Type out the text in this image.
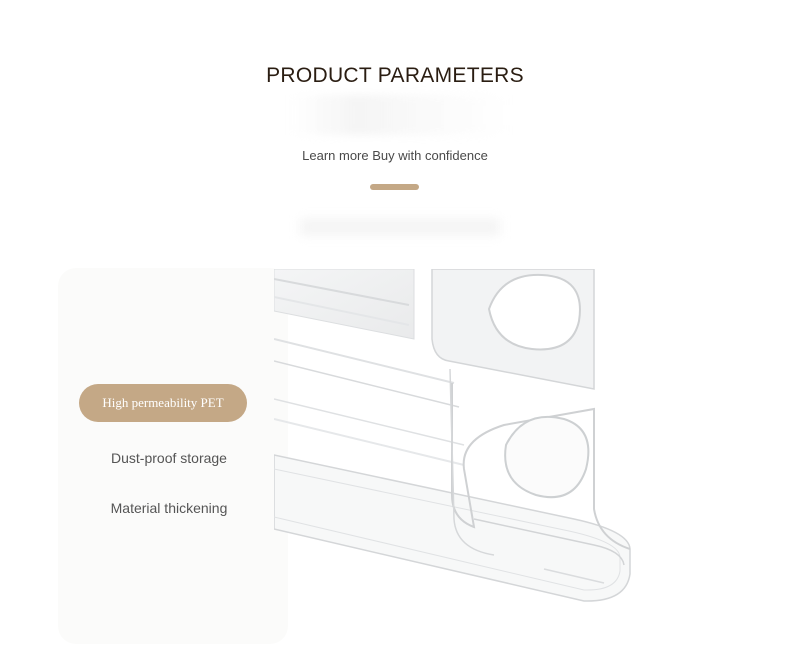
PRODUCT PARAMETERS
Learn more Buy with confidence
High permeability PET
Dust-proof storage
Material thickening
